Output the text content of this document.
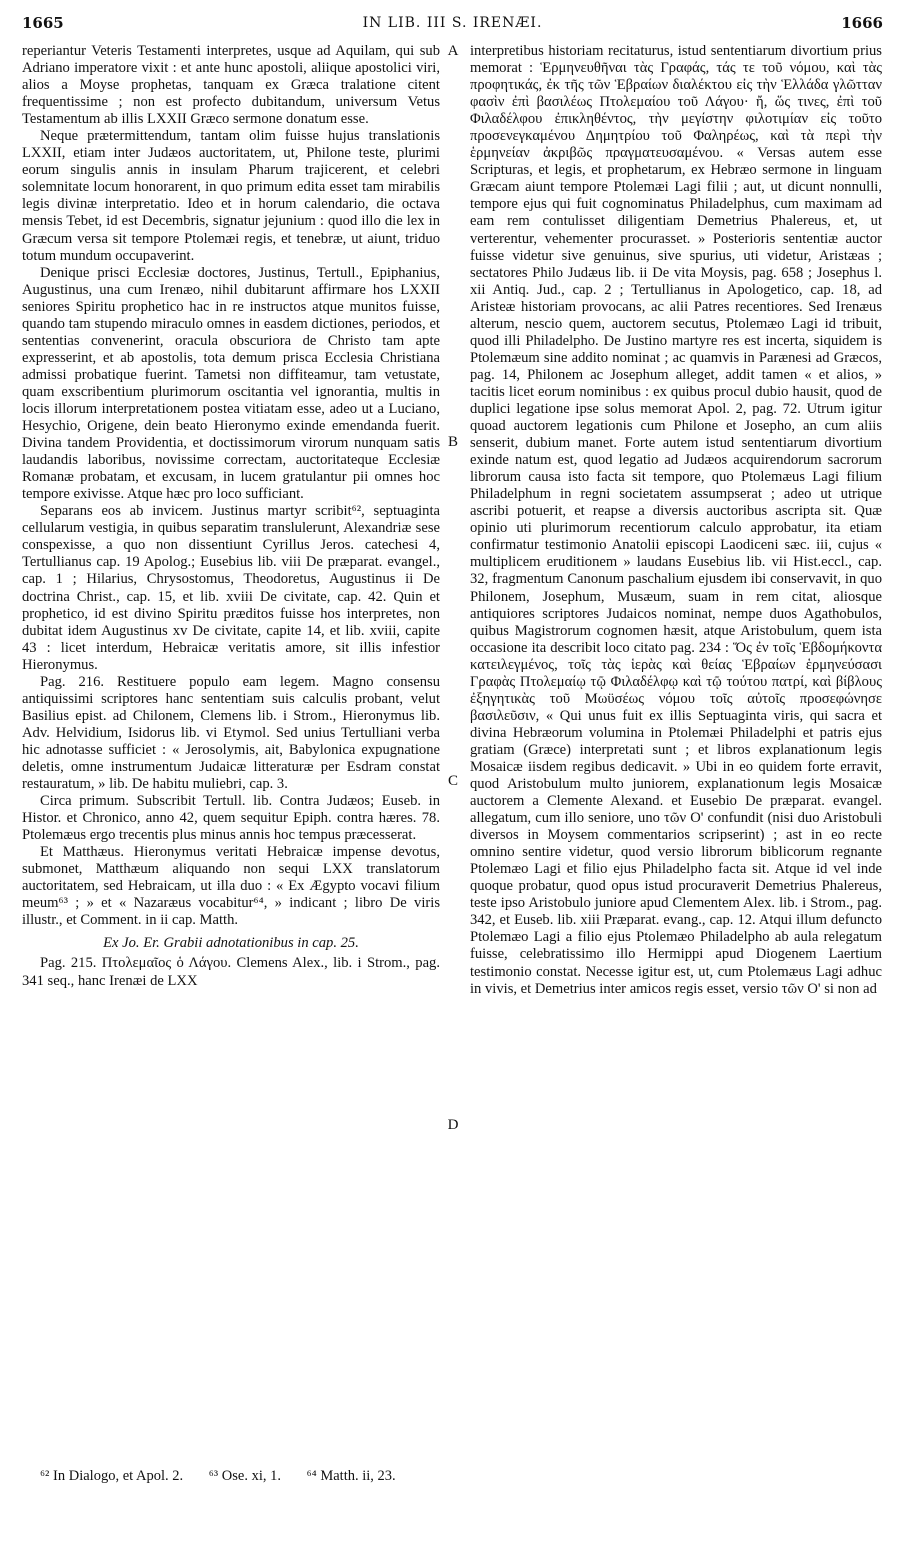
1665	IN LIB. III S. IRENÆI.	1666

reperiantur Veteris Testamenti interpretes, usque ad Aquilam, qui sub Adriano imperatore vixit : et ante hunc apostoli, aliique apostolici viri, alios a Moyse prophetas, tanquam ex Græca tralatione citent frequentissime ; non est profecto dubitandum, universum Vetus Testamentum ab illis LXXII Græco sermone donatum esse.

Neque prætermittendum, tantam olim fuisse hujus translationis LXXII, etiam inter Judæos auctoritatem, ut, Philone teste, plurimi eorum singulis annis in insulam Pharum trajicerent, et celebri solemnitate locum honorarent, in quo primum edita esset tam mirabilis legis divinæ interpretatio. Ideo et in horum calendario, die octava mensis Tebet, id est Decembris, signatur jejunium : quod illo die lex in Græcum versa sit tempore Ptolemæi regis, et tenebræ, ut aiunt, triduo totum mundum occupaverint.

Denique prisci Ecclesiæ doctores, Justinus, Tertull., Epiphanius, Augustinus, una cum Irenæo, nihil dubitarunt affirmare hos LXXII seniores Spiritu prophetico hac in re instructos atque munitos fuisse, quando tam stupendo miraculo omnes in easdem dictiones, periodos, et sententias convenerint, oracula obscuriora de Christo tam apte expresserint, et ab apostolis, tota demum prisca Ecclesia Christiana admissi probatique fuerint. Tametsi non diffiteamur, tam vetustate, quam exscribentium plurimorum oscitantia vel ignorantia, multis in locis illorum interpretationem postea vitiatam esse, adeo ut a Luciano, Hesychio, Origene, dein beato Hieronymo exinde emendanda fuerit. Divina tandem Providentia, et doctissimorum virorum nunquam satis laudandis laboribus, novissime correctam, auctoritateque Ecclesiæ Romanæ probatam, et excusam, in lucem gratulantur pii omnes hoc tempore exivisse. Atque hæc pro loco sufficiant.

Separans eos ab invicem. Justinus martyr scribit⁶², septuaginta cellularum vestigia, in quibus separatim translulerunt, Alexandriæ sese conspexisse, a quo non dissentiunt Cyrillus Jeros. catechesi 4, Tertullianus cap. 19 Apolog.; Eusebius lib. viii De præparat. evangel., cap. 1 ; Hilarius, Chrysostomus, Theodoretus, Augustinus ii De doctrina Christ., cap. 15, et lib. xviii De civitate, cap. 42. Quin et prophetico, id est divino Spiritu præditos fuisse hos interpretes, non dubitat idem Augustinus xv De civitate, capite 14, et lib. xviii, capite 43 : licet interdum, Hebraicæ veritatis amore, sit illis infestior Hieronymus.

Pag. 216. Restituere populo eam legem. Magno consensu antiquissimi scriptores hanc sententiam suis calculis probant, velut Basilius epist. ad Chilonem, Clemens lib. i Strom., Hieronymus lib. Adv. Helvidium, Isidorus lib. vi Etymol. Sed unius Tertulliani verba hic adnotasse sufficiet : « Jerosolymis, ait, Babylonica expugnatione deletis, omne instrumentum Judaicæ litteraturæ per Esdram constat restauratum, » lib. De habitu muliebri, cap. 3.

Circa primum. Subscribit Tertull. lib. Contra Judæos; Euseb. in Histor. et Chronico, anno 42, quem sequitur Epiph. contra hæres. 78. Ptolemæus ergo trecentis plus minus annis hoc tempus præcesserat.

Et Matthæus. Hieronymus veritati Hebraicæ impense devotus, submonet, Matthæum aliquando non sequi LXX translatorum auctoritatem, sed Hebraicam, ut illa duo : « Ex Ægypto vocavi filium meum⁶³ ; » et « Nazaræus vocabitur⁶⁴, » indicant ; libro De viris illustr., et Comment. in ii cap. Matth.

Ex Jo. Er. Grabii adnotationibus in cap. 25.

Pag. 215. Πτολεμαῖος ὁ Λάγου. Clemens Alex., lib. i Strom., pag. 341 seq., hanc Irenæi de LXX

A
B
C
D

interpretibus historiam recitaturus, istud sententiarum divortium prius memorat : Ἑρμηνευθῆναι τὰς Γραφάς, τάς τε τοῦ νόμου, καὶ τὰς προφητικάς, ἐκ τῆς τῶν Ἑβραίων διαλέκτου εἰς τὴν Ἑλλάδα γλῶτταν φασὶν ἐπὶ βασιλέως Πτολεμαίου τοῦ Λάγου· ἤ, ὥς τινες, ἐπὶ τοῦ Φιλαδέλφου ἐπικληθέντος, τὴν μεγίστην φιλοτιμίαν εἰς τοῦτο προσενεγκαμένου Δημητρίου τοῦ Φαληρέως, καὶ τὰ περὶ τὴν ἑρμηνείαν ἀκριβῶς πραγματευσαμένου. « Versas autem esse Scripturas, et legis, et prophetarum, ex Hebræo sermone in linguam Græcam aiunt tempore Ptolemæi Lagi filii ; aut, ut dicunt nonnulli, tempore ejus qui fuit cognominatus Philadelphus, cum maximam ad eam rem contulisset diligentiam Demetrius Phalereus, et, ut verterentur, vehementer procurasset. » Posterioris sententiæ auctor fuisse videtur sive genuinus, sive spurius, uti videtur, Aristæas ; sectatores Philo Judæus lib. ii De vita Moysis, pag. 658 ; Josephus l. xii Antiq. Jud., cap. 2 ; Tertullianus in Apologetico, cap. 18, ad Aristeæ historiam provocans, ac alii Patres recentiores. Sed Irenæus alterum, nescio quem, auctorem secutus, Ptolemæo Lagi id tribuit, quod illi Philadelpho. De Justino martyre res est incerta, siquidem is Ptolemæum sine addito nominat ; ac quamvis in Parænesi ad Græcos, pag. 14, Philonem ac Josephum alleget, addit tamen « et alios, » tacitis licet eorum nominibus : ex quibus procul dubio hausit, quod de duplici legatione ipse solus memorat Apol. 2, pag. 72. Utrum igitur quoad auctorem legationis cum Philone et Josepho, an cum aliis senserit, dubium manet. Forte autem istud sententiarum divortium exinde natum est, quod legatio ad Judæos acquirendorum sacrorum librorum causa isto facta sit tempore, quo Ptolemæus Lagi filium Philadelphum in regni societatem assumpserat ; adeo ut utrique ascribi potuerit, et reapse a diversis auctoribus ascripta sit. Quæ opinio uti plurimorum recentiorum calculo approbatur, ita etiam confirmatur testimonio Anatolii episcopi Laodiceni sæc. iii, cujus « multiplicem eruditionem » laudans Eusebius lib. vii Hist.eccl., cap. 32, fragmentum Canonum paschalium ejusdem ibi conservavit, in quo Philonem, Josephum, Musæum, suam in rem citat, aliosque antiquiores scriptores Judaicos nominat, nempe duos Agathobulos, quibus Magistrorum cognomen hæsit, atque Aristobulum, quem ista occasione ita describit loco citato pag. 234 : Ὅς ἐν τοῖς Ἑβδομήκοντα κατειλεγμένος, τοῖς τὰς ἱερὰς καὶ θείας Ἑβραίων ἑρμηνεύσασι Γραφὰς Πτολεμαίῳ τῷ Φιλαδέλφῳ καὶ τῷ τούτου πατρί, καὶ βίβλους ἐξηγητικὰς τοῦ Μωϋσέως νόμου τοῖς αὐτοῖς προσεφώνησε βασιλεῦσιν, « Qui unus fuit ex illis Septuaginta viris, qui sacra et divina Hebræorum volumina in Ptolemæi Philadelphi et patris ejus gratiam (Græce) interpretati sunt ; et libros explanationum legis Mosaicæ iisdem regibus dedicavit. » Ubi in eo quidem forte erravit, quod Aristobulum multo juniorem, explanationum legis Mosaicæ auctorem a Clemente Alexand. et Eusebio De præparat. evangel. allegatum, cum illo seniore, uno τῶν Ο' confundit (nisi duo Aristobuli diversos in Moysem commentarios scripserint) ; ast in eo recte omnino sentire videtur, quod versio librorum biblicorum regnante Ptolemæo Lagi et filio ejus Philadelpho facta sit. Atque id vel inde quoque probatur, quod opus istud procuraverit Demetrius Phalereus, teste ipso Aristobulo juniore apud Clementem Alex. lib. i Strom., pag. 342, et Euseb. lib. xiii Præparat. evang., cap. 12. Atqui illum defuncto Ptolemæo Lagi a filio ejus Ptolemæo Philadelpho ab aula relegatum fuisse, celebratissimo illo Hermippi apud Diogenem Laertium testimonio constat. Necesse igitur est, ut, cum Ptolemæus Lagi adhuc in vivis, et Demetrius inter amicos regis esset, versio τῶν Ο' si non ad

⁶² In Dialogo, et Apol. 2. ⁶³ Ose. xi, 1. ⁶⁴ Matth. ii, 23.
